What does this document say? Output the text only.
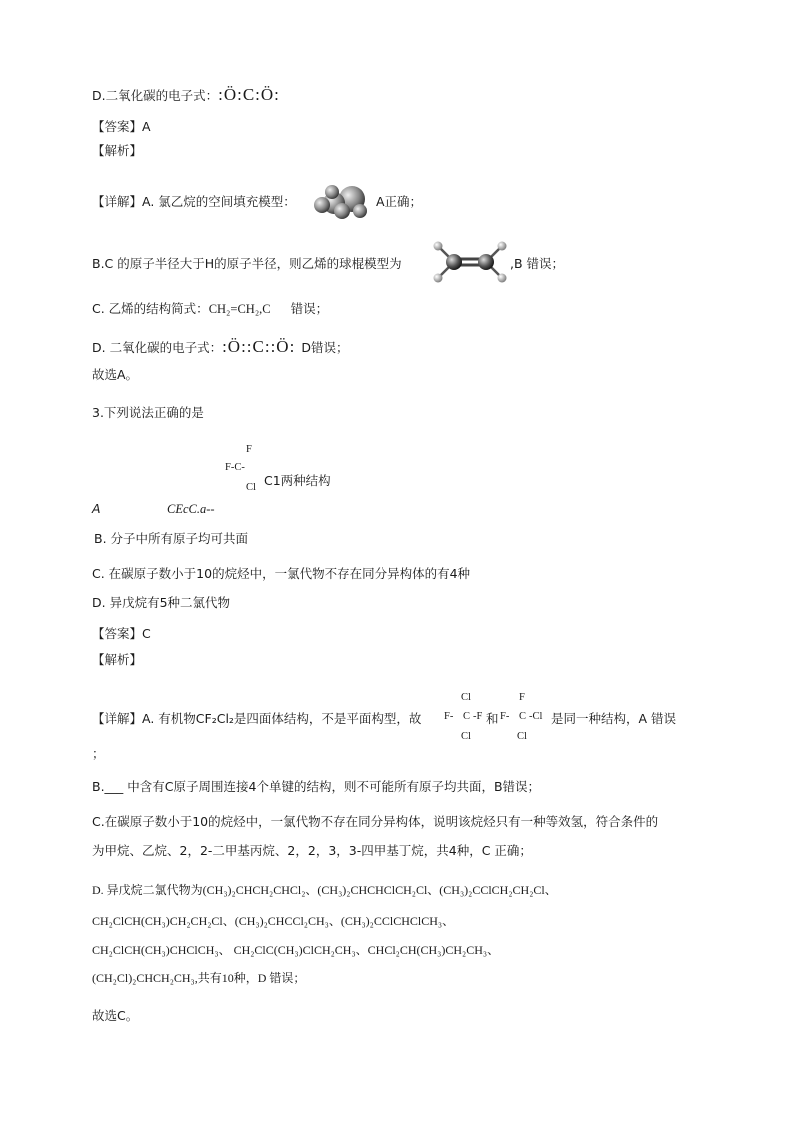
D.二氧化碳的电子式：:Ö:C:Ö:
【答案】A
【解析】
【详解】A. 氯乙烷的空间填充模型：	A正确；
B.C 的原子半径大于H的原子半径，则乙烯的球棍模型为	,B 错误；
C. 乙烯的结构简式：CH₂=CH₂,C 错误；
D. 二氧化碳的电子式：:Ö::C::Ö: D错误；
故选A。
3.下列说法正确的是
F
F-C-
Cl C1两种结构
A	CEcC.a--
B. 分子中所有原子均可共面
C. 在碳原子数小于10的烷烃中，一氯代物不存在同分异构体的有4种
D. 异戊烷有5种二氯代物
【答案】C
【解析】
【详解】A. 有机物CF₂Cl₂是四面体结构，不是平面构型，故
Cl
F- C -F
Cl
和
F
F- C -Cl
Cl
是同一种结构，A 错误
；
B.___ 中含有C原子周围连接4个单键的结构，则不可能所有原子均共面，B错误；
C.在碳原子数小于10的烷烃中，一氯代物不存在同分异构体，说明该烷烃只有一种等效氢，符合条件的
为甲烷、乙烷、2，2-二甲基丙烷、2，2，3，3-四甲基丁烷，共4种，C 正确；
D. 异戊烷二氯代物为(CH₃)₂CHCH₂CHCl₂、(CH₃)₂CHCHClCH₂Cl、(CH₃)₂CClCH₂CH₂Cl、
CH₂ClCH(CH₃)CH₂CH₂Cl、(CH₃)₂CHCCl₂CH₃、(CH₃)₂CClCHClCH₃、
CH₂ClCH(CH₃)CHClCH₃、 CH₂ClC(CH₃)ClCH₂CH₃、CHCl₂CH(CH₃)CH₂CH₃、
(CH₂Cl)₂CHCH₂CH₃,共有10种，D 错误；
故选C。
